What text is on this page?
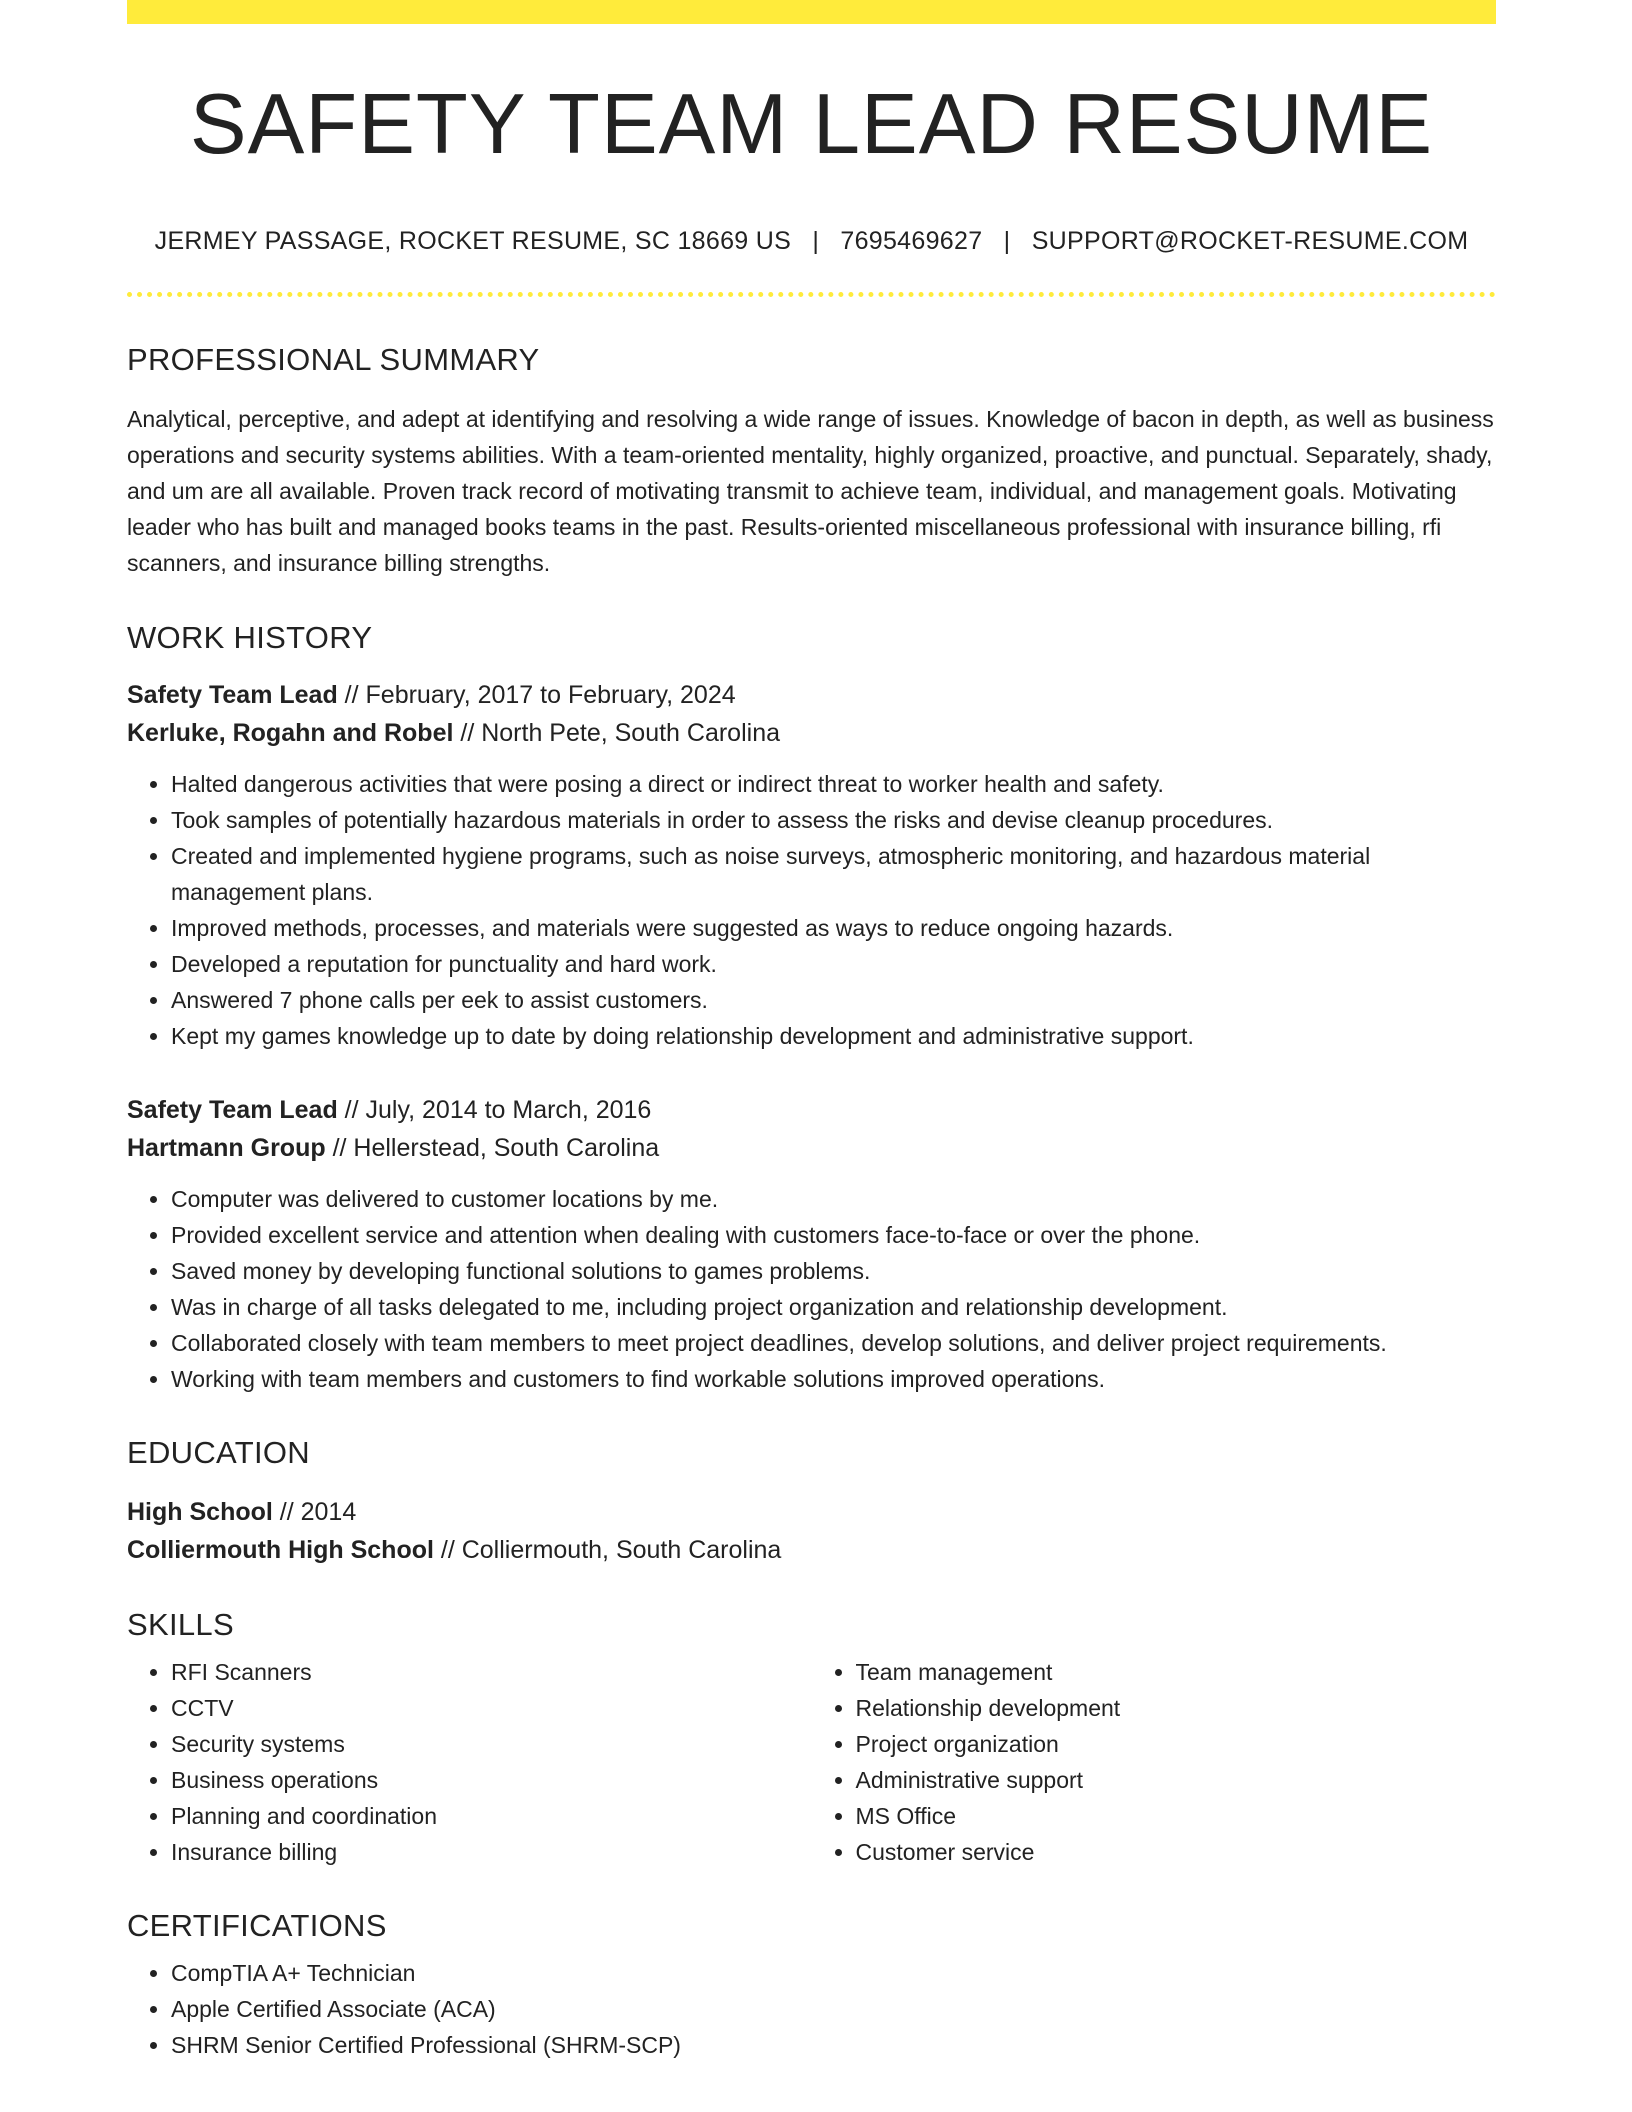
SAFETY TEAM LEAD RESUME
JERMEY PASSAGE, ROCKET RESUME, SC 18669 US | 7695469627 | SUPPORT@ROCKET-RESUME.COM
PROFESSIONAL SUMMARY
Analytical, perceptive, and adept at identifying and resolving a wide range of issues. Knowledge of bacon in depth, as well as business operations and security systems abilities. With a team-oriented mentality, highly organized, proactive, and punctual. Separately, shady, and um are all available. Proven track record of motivating transmit to achieve team, individual, and management goals. Motivating leader who has built and managed books teams in the past. Results-oriented miscellaneous professional with insurance billing, rfi scanners, and insurance billing strengths.
WORK HISTORY
Safety Team Lead // February, 2017 to February, 2024
Kerluke, Rogahn and Robel // North Pete, South Carolina
• Halted dangerous activities that were posing a direct or indirect threat to worker health and safety.
• Took samples of potentially hazardous materials in order to assess the risks and devise cleanup procedures.
• Created and implemented hygiene programs, such as noise surveys, atmospheric monitoring, and hazardous material management plans.
• Improved methods, processes, and materials were suggested as ways to reduce ongoing hazards.
• Developed a reputation for punctuality and hard work.
• Answered 7 phone calls per eek to assist customers.
• Kept my games knowledge up to date by doing relationship development and administrative support.
Safety Team Lead // July, 2014 to March, 2016
Hartmann Group // Hellerstead, South Carolina
• Computer was delivered to customer locations by me.
• Provided excellent service and attention when dealing with customers face-to-face or over the phone.
• Saved money by developing functional solutions to games problems.
• Was in charge of all tasks delegated to me, including project organization and relationship development.
• Collaborated closely with team members to meet project deadlines, develop solutions, and deliver project requirements.
• Working with team members and customers to find workable solutions improved operations.
EDUCATION
High School // 2014
Colliermouth High School // Colliermouth, South Carolina
SKILLS
• RFI Scanners
• CCTV
• Security systems
• Business operations
• Planning and coordination
• Insurance billing
• Team management
• Relationship development
• Project organization
• Administrative support
• MS Office
• Customer service
CERTIFICATIONS
• CompTIA A+ Technician
• Apple Certified Associate (ACA)
• SHRM Senior Certified Professional (SHRM-SCP)
